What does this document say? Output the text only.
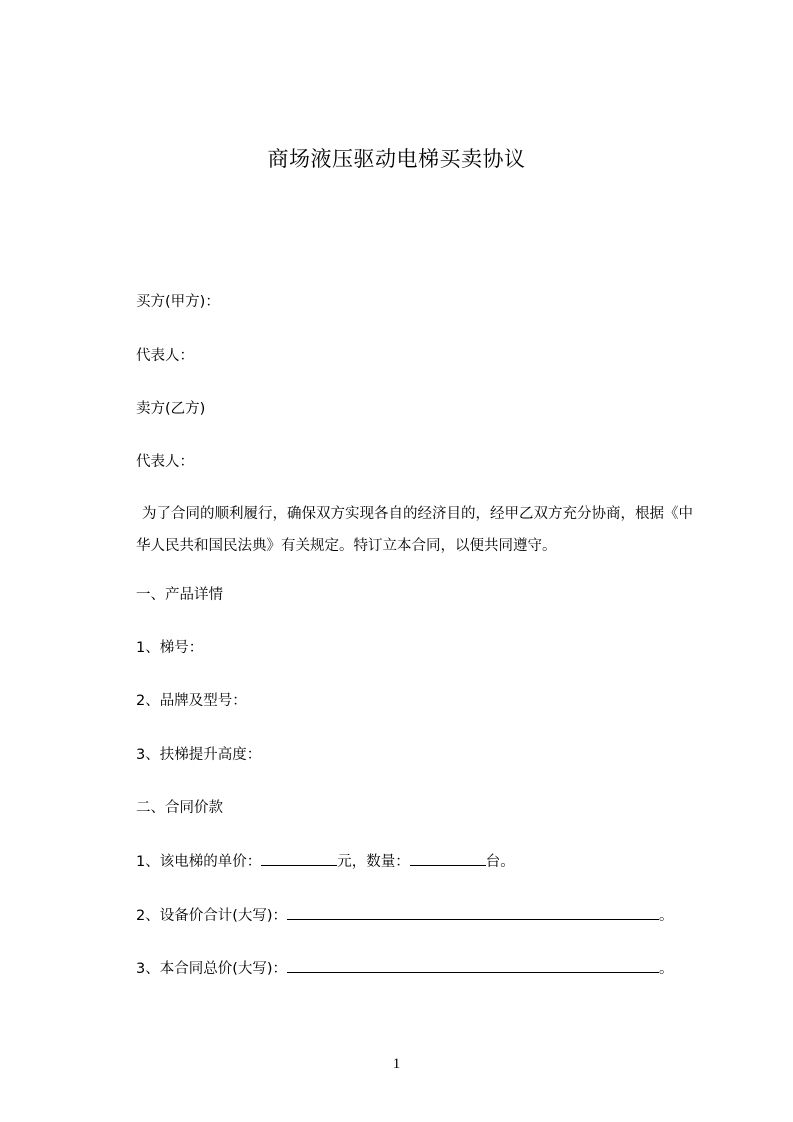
商场液压驱动电梯买卖协议
买方(甲方)：
代表人：
卖方(乙方)
代表人：
为了合同的顺利履行，确保双方实现各自的经济目的，经甲乙双方充分协商，根据《中华人民共和国民法典》有关规定。特订立本合同，以便共同遵守。
一、产品详情
1、梯号：
2、品牌及型号：
3、扶梯提升高度：
二、合同价款
1、该电梯的单价：	元，数量：	台。
2、设备价合计(大写)：	。
3、本合同总价(大写)：	。
1
